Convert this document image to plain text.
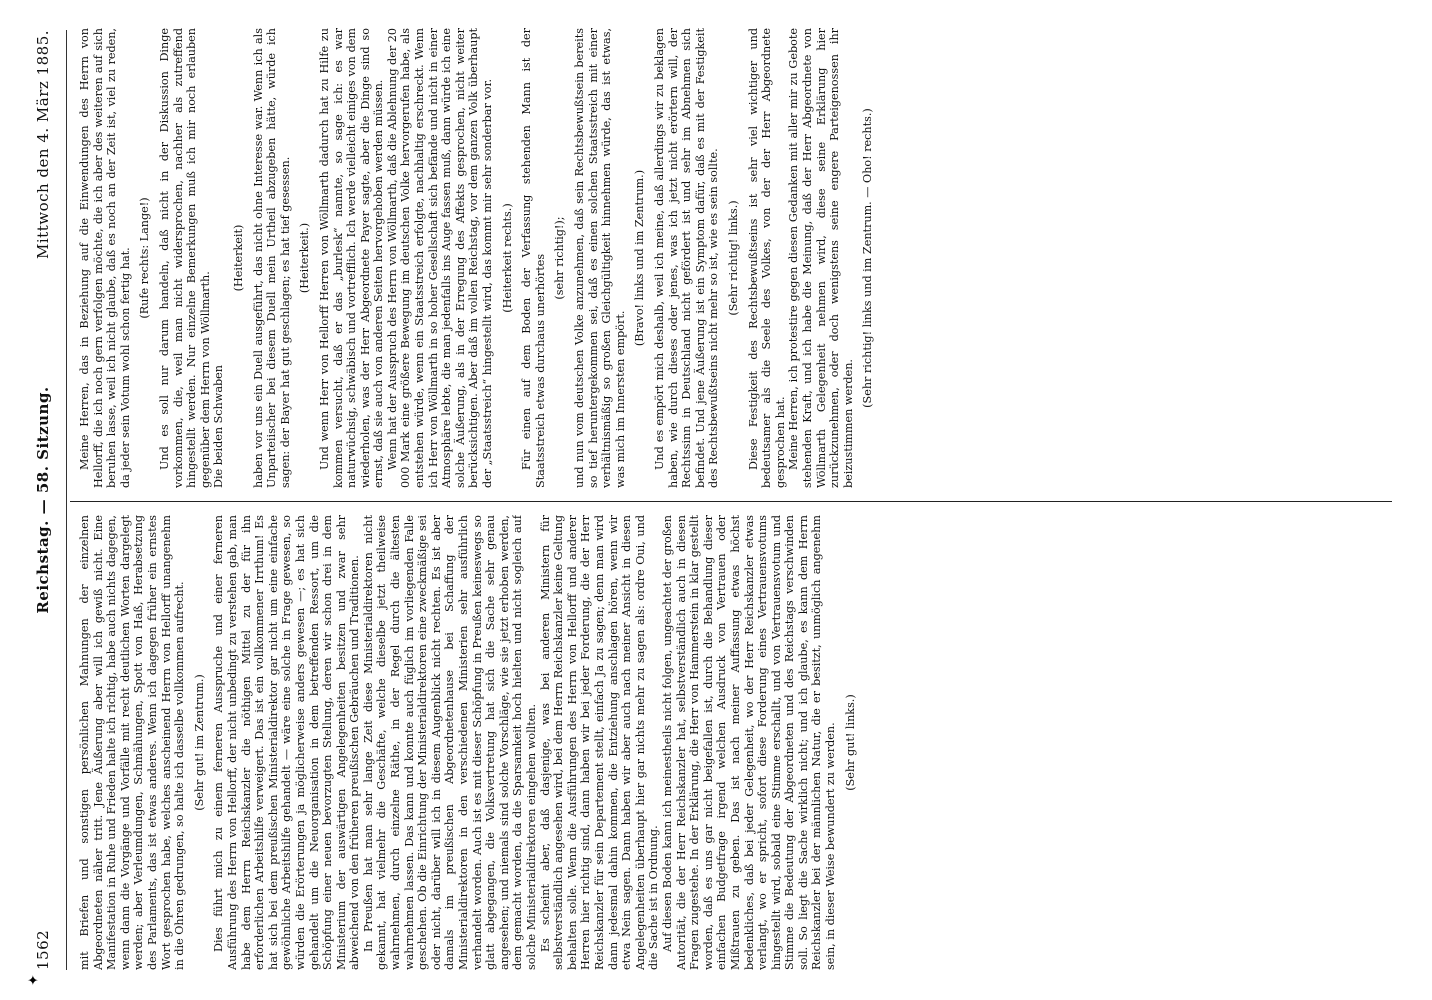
✦
1562
Reichstag. — 58. Sitzung.
Mittwoch den 4. März 1885.

mit Briefen und sonstigen persönlichen Mahnungen der einzelnen Abgeordneten näher tritt. Jene Äußerung aber will ich gewiß nicht. Eine Manifestation in Ruhe und Frieden halte ich richtig, habe auch nichts dagegen, wenn dann die Vorgänge und Vorfälle mit recht deutlichen Worten dargelegt werden; aber Verleumdungen, Schmähungen, Spott von Haß, Herabsetzung des Parlaments, das ist etwas anderes. Wenn ich dagegen früher ein ernstes Wort gesprochen habe, welches anscheinend Herrn von Hellorff unangenehm in die Ohren gedrungen, so halte ich dasselbe vollkommen aufrecht. (Sehr gut! im Zentrum.) Dies führt mich zu einem ferneren Ausspruche und einer ferneren Ausführung des Herrn von Hellorff, der nicht unbedingt zu verstehen gab, man habe dem Herrn Reichskanzler die nöthigen Mittel zu der für ihn erforderlichen Arbeitshilfe verweigert. Das ist ein vollkommener Irrthum! Es hat sich bei dem preußischen Ministerialdirektor gar nicht um eine einfache gewöhnliche Arbeitshilfe gehandelt — wäre eine solche in Frage gewesen, so würden die Erörterungen ja möglicherweise anders gewesen —; es hat sich gehandelt um die Neuorganisation in dem betreffenden Ressort, um die Schöpfung einer neuen bevorzugten Stellung, deren wir schon drei in dem Ministerium der auswärtigen Angelegenheiten besitzen und zwar sehr abweichend von den früheren preußischen Gebräuchen und Traditionen. In Preußen hat man sehr lange Zeit diese Ministerialdirektoren nicht gekannt, hat vielmehr die Geschäfte, welche dieselbe jetzt theilweise wahrnehmen, durch einzelne Räthe, in der Regel durch die ältesten wahrnehmen lassen. Das kann und konnte auch füglich im vorliegenden Falle geschehen. Ob die Einrichtung der Ministerialdirektoren eine zweckmäßige sei oder nicht, darüber will ich in diesem Augenblick nicht rechten. Es ist aber damals im preußischen Abgeordnetenhause bei Schaffung der Ministerialdirektoren in den verschiedenen Ministerien sehr ausführlich verhandelt worden. Auch ist es mit dieser Schöpfung in Preußen keineswegs so glatt abgegangen, die Volksvertretung hat sich die Sache sehr genau angesehen; und niemals sind solche Vorschläge, wie sie jetzt erhoben werden, dem gemacht worden, da die Sparsamkeit hoch hielten und nicht sogleich auf solche Ministerialdirektoren eingehen wollten. Es scheint aber, daß dasjenige, was bei anderen Ministern für selbstverständlich angesehen wird, bei dem Herrn Reichskanzler keine Geltung behalten solle. Wenn die Ausführungen des Herrn von Hellorff und anderer Herren hier richtig sind, dann haben wir bei jeder Forderung, die der Herr Reichskanzler für sein Departement stellt, einfach Ja zu sagen; denn man wird dann jedesmal dahin kommen, die Entziehung anschlagen hören, wenn wir etwa Nein sagen. Dann haben wir aber auch nach meiner Ansicht in diesen Angelegenheiten überhaupt hier gar nichts mehr zu sagen als: ordre Oui, und die Sache ist in Ordnung. Auf diesen Boden kann ich meinestheils nicht folgen, ungeachtet der großen Autorität, die der Herr Reichskanzler hat, selbstverständlich auch in diesen Fragen zugestehe. In der Erklärung, die Herr von Hammerstein in klar gestellt worden, daß es uns gar nicht beigefallen ist, durch die Behandlung dieser einfachen Budgetfrage irgend welchen Ausdruck von Vertrauen oder Mißtrauen zu geben. Das ist nach meiner Auffassung etwas höchst bedenkliches, daß bei jeder Gelegenheit, wo der Herr Reichskanzler etwas verlangt, wo er spricht, sofort diese Forderung eines Vertrauensvotums hingestellt wird, sobald eine Stimme erschallt, und von Vertrauensvotum und Stimme die Bedeutung der Abgeordneten und des Reichstags verschwinden soll. So liegt die Sache wirklich nicht; und ich glaube, es kann dem Herrn Reichskanzler bei der männlichen Natur, die er besitzt, unmöglich angenehm sein, in dieser Weise bewundert zu werden. (Sehr gut! links.)

Meine Herren, das in Beziehung auf die Einwendungen des Herrn von Hellorff, die ich noch gern verfolgen möchte, die ich aber des weiteren auf sich beruhen lasse, weil ich nicht glaube, daß es noch an der Zeit ist, viel zu reden, da jeder sein Votum wohl schon fertig hat. (Rufe rechts: Lange!) Und es soll nur darum handeln, daß nicht in der Diskussion Dinge vorkommen, die, weil man nicht widersprochen, nachher als zutreffend hingestellt werden. Nur einzelne Bemerkungen muß ich mir noch erlauben gegenüber dem Herrn von Wöllmarth. Die beiden Schwaben

(Heiterkeit) haben vor uns ein Duell ausgeführt, das nicht ohne Interesse war. Wenn ich als Unparteiischer bei diesem Duell mein Urtheil abzugeben hätte, würde ich sagen: der Bayer hat gut geschlagen; es hat tief gesessen. (Heiterkeit.) Und wenn Herr von Hellorff Herren von Wöllmarth dadurch hat zu Hilfe zu kommen versucht, daß er das „burlesk“ nannte, so sage ich: es war naturwüchsig, schwäbisch und vortrefflich. Ich werde vielleicht einiges von dem wiederholen, was der Herr Abgeordnete Payer sagte, aber die Dinge sind so ernst, daß sie auch von anderen Seiten hervorgehoben werden müssen. Wenn hat der Ausspruch des Herrn von Wöllmarth, daß die Ablehnung der 20 000 Mark eine größere Bewegung im deutschen Volke hervorgerufen habe, als entstehen würde, wenn ein Staatsstreich erfolgte, nachhaltig erschreckt. Wenn ich Herr von Wöllmarth in so hoher Gesellschaft sich befände und nicht in einer Atmosphäre lebte, die man jedenfalls ins Auge fassen muß, dann würde ich eine solche Äußerung, als in der Erregung des Affekts gesprochen, nicht weiter berücksichtigen. Aber daß im vollen Reichstag, vor dem ganzen Volk überhaupt der „Staatsstreich“ hingestellt wird, das kommt mir sehr sonderbar vor. (Heiterkeit rechts.) Für einen auf dem Boden der Verfassung stehenden Mann ist der Staatsstreich etwas durchaus unerhörtes (sehr richtig!); und nun vom deutschen Volke anzunehmen, daß sein Rechtsbewußtsein bereits so tief heruntergekommen sei, daß es einen solchen Staatsstreich mit einer verhältnismäßig so großen Gleichgültigkeit hinnehmen würde, das ist etwas, was mich im Innersten empört.

(Bravo! links und im Zentrum.) Und es empört mich deshalb, weil ich meine, daß allerdings wir zu beklagen haben, wie durch dieses oder jenes, was ich jetzt nicht erörtern will, der Rechtssinn in Deutschland nicht gefördert ist und sehr im Abnehmen sich befindet. Und jene Äußerung ist ein Symptom dafür, daß es mit der Festigkeit des Rechtsbewußtseins nicht mehr so ist, wie es sein sollte. (Sehr richtig! links.) Diese Festigkeit des Rechtsbewußtseins ist sehr viel wichtiger und bedeutsamer als die Seele des Volkes, von der der Herr Abgeordnete gesprochen hat. Meine Herren, ich protestire gegen diesen Gedanken mit aller mir zu Gebote stehenden Kraft, und ich habe die Meinung, daß der Herr Abgeordnete von Wöllmarth Gelegenheit nehmen wird, diese seine Erklärung hier zurückzunehmen, oder doch wenigstens seine engere Parteigenossen ihr beizustimmen werden.

(Sehr richtig! links und im Zentrum. — Oho! rechts.)
